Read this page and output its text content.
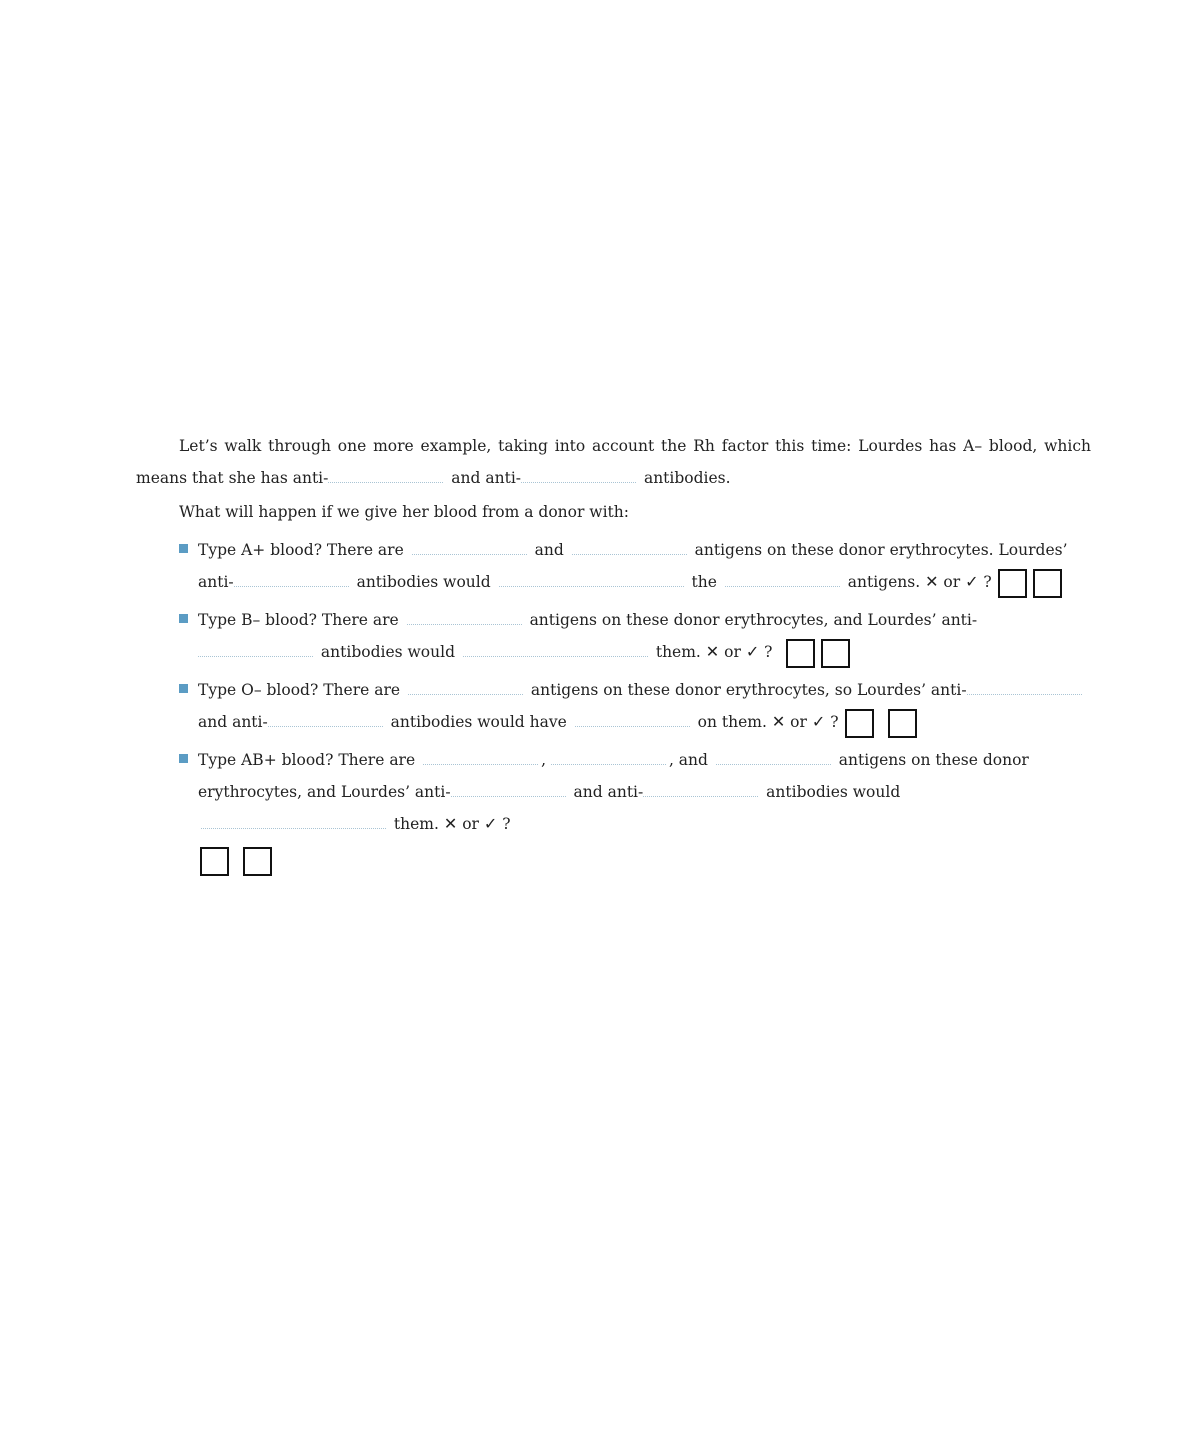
Let’s walk through one more example, taking into account the Rh factor this time: Lourdes has A– blood, which means that she has anti-	and anti-	antibodies.

What will happen if we give her blood from a donor with:

Type A+ blood? There are	and	antigens on these donor erythrocytes. Lourdes’ anti-	antibodies would	the	antigens. ✕ or ✓ ?
Type B– blood? There are	antigens on these donor erythrocytes, and Lourdes’ anti- antibodies would	them. ✕ or ✓ ?
Type O– blood? There are	antigens on these donor erythrocytes, so Lourdes’ anti- and anti-	antibodies would have	on them. ✕ or ✓ ?
Type AB+ blood? There are	,	, and	antigens on these donor erythrocytes, and Lourdes’ anti-	and anti-	antibodies would  them. ✕ or ✓ ?
